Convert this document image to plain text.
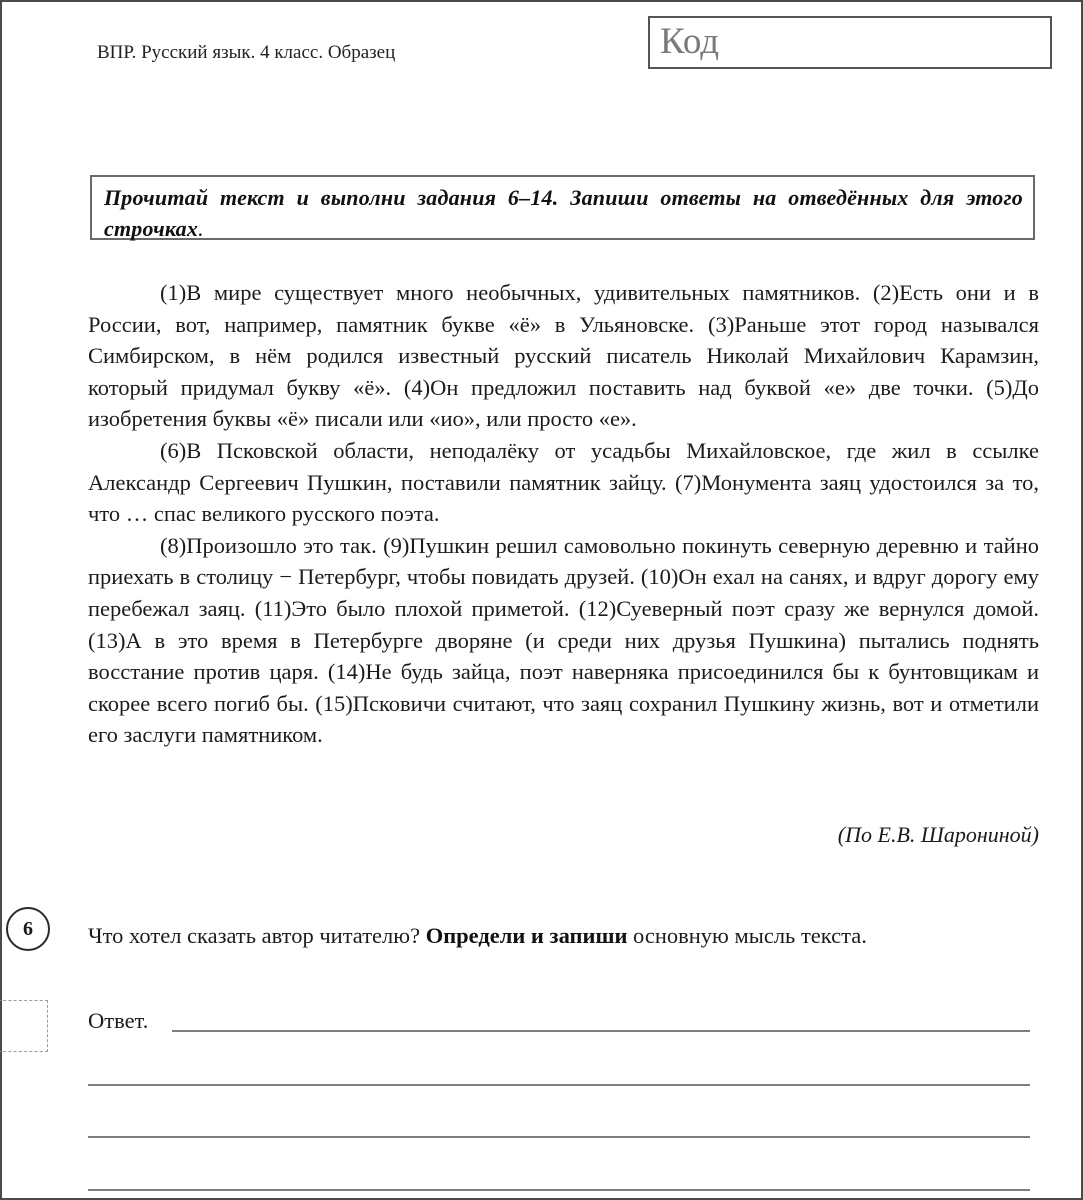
ВПР. Русский язык. 4 класс. Образец	Код
Прочитай текст и выполни задания 6–14. Запиши ответы на отведённых для этого строчках.

(1)В мире существует много необычных, удивительных памятников. (2)Есть они и в России, вот, например, памятник букве «ё» в Ульяновске. (3)Раньше этот город назывался Симбирском, в нём родился известный русский писатель Николай Михайлович Карамзин, который придумал букву «ё». (4)Он предложил поставить над буквой «е» две точки. (5)До изобретения буквы «ё» писали или «ио», или просто «е».

(6)В Псковской области, неподалёку от усадьбы Михайловское, где жил в ссылке Александр Сергеевич Пушкин, поставили памятник зайцу. (7)Монумента заяц удостоился за то, что … спас великого русского поэта.

(8)Произошло это так. (9)Пушкин решил самовольно покинуть северную деревню и тайно приехать в столицу − Петербург, чтобы повидать друзей. (10)Он ехал на санях, и вдруг дорогу ему перебежал заяц. (11)Это было плохой приметой. (12)Суеверный поэт сразу же вернулся домой. (13)А в это время в Петербурге дворяне (и среди них друзья Пушкина) пытались поднять восстание против царя. (14)Не будь зайца, поэт наверняка присоединился бы к бунтовщикам и скорее всего погиб бы. (15)Псковичи считают, что заяц сохранил Пушкину жизнь, вот и отметили его заслуги памятником.

(По Е.В. Шарониной)
6 Что хотел сказать автор читателю? Определи и запиши основную мысль текста.
Ответ.
